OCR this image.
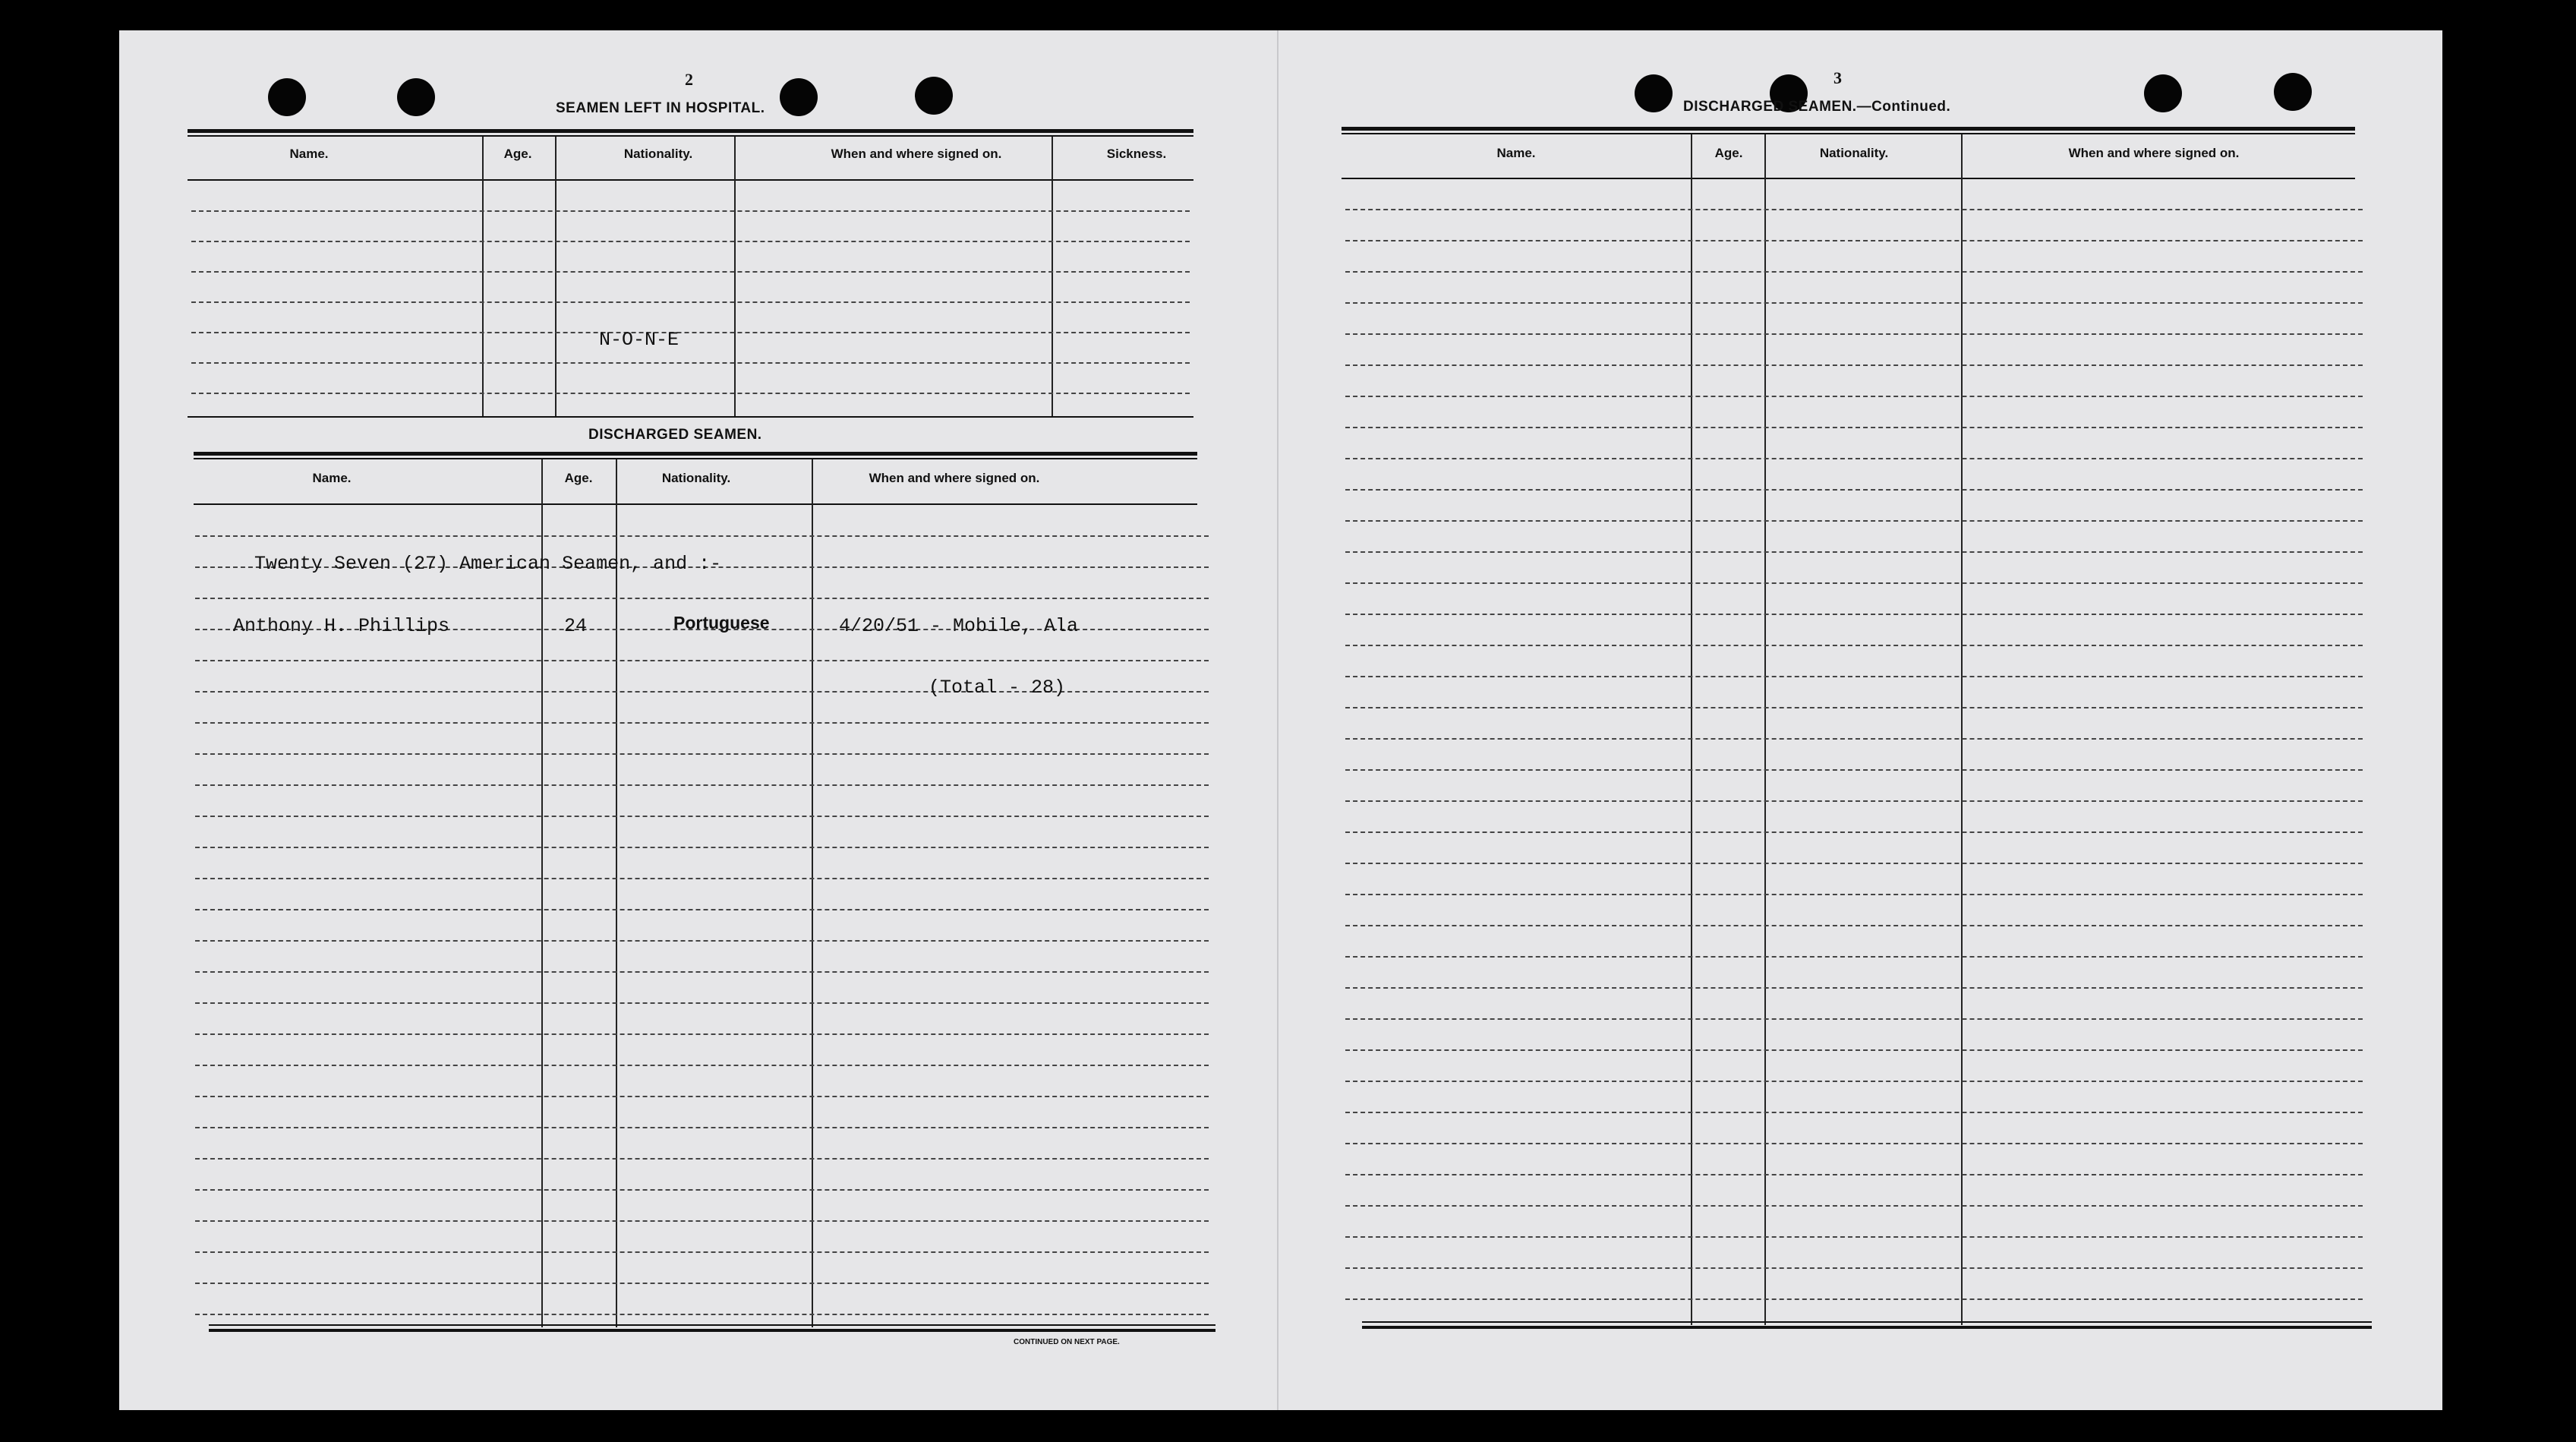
2
SEAMEN LEFT IN HOSPITAL.
Name.	Age.	Nationality.	When and where signed on.	Sickness.
N-O-N-E
DISCHARGED SEAMEN.
Name.	Age.	Nationality.	When and where signed on.
Twenty Seven (27) American Seamen, and :-
Anthony H. Phillips	24	Portuguese	4/20/51 - Mobile, Ala
(Total - 28)
CONTINUED ON NEXT PAGE.
3
DISCHARGED SEAMEN.—Continued.
Name.	Age.	Nationality.	When and where signed on.
